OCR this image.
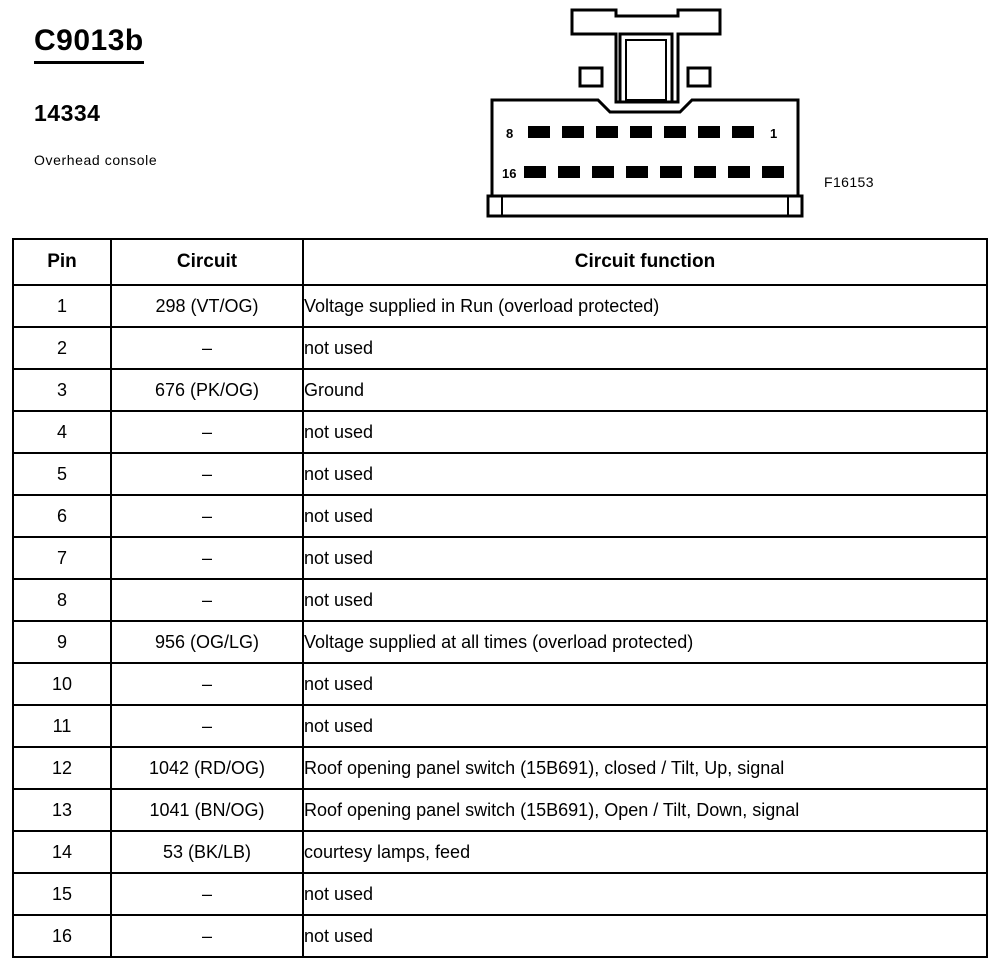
C9013b
14334
Overhead console
F16153
8	1
16	9
Pin	Circuit	Circuit function
1	298 (VT/OG)	Voltage supplied in Run (overload protected)
2	–	not used
3	676 (PK/OG)	Ground
4	–	not used
5	–	not used
6	–	not used
7	–	not used
8	–	not used
9	956 (OG/LG)	Voltage supplied at all times (overload protected)
10	–	not used
11	–	not used
12	1042 (RD/OG)	Roof opening panel switch (15B691), closed / Tilt, Up, signal
13	1041 (BN/OG)	Roof opening panel switch (15B691), Open / Tilt, Down, signal
14	53 (BK/LB)	courtesy lamps, feed
15	–	not used
16	–	not used
